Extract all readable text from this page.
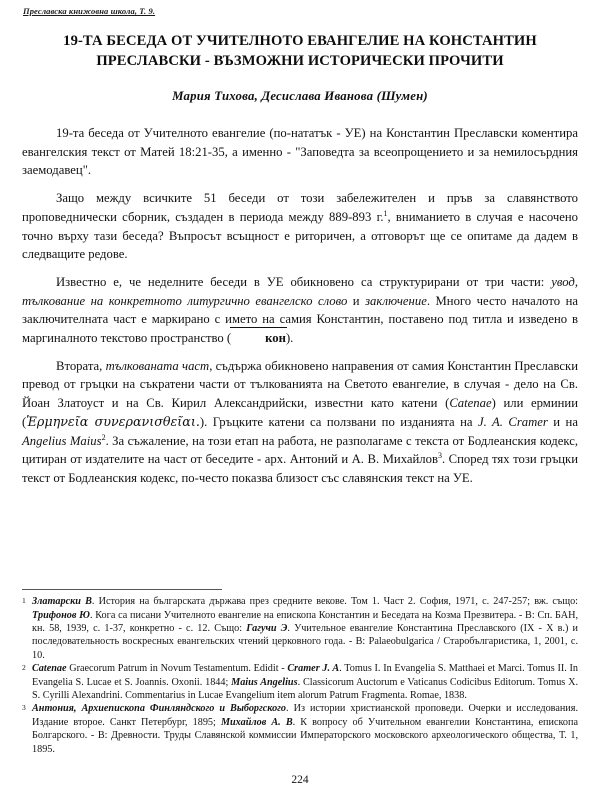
Преславска книжовна школа, Т. 9.
19-ТА БЕСЕДА ОТ УЧИТЕЛНОТО ЕВАНГЕЛИЕ НА КОНСТАНТИН ПРЕСЛАВСКИ - ВЪЗМОЖНИ ИСТОРИЧЕСКИ ПРОЧИТИ
Мария Тихова, Десислава Иванова (Шумен)

19-та беседа от Учителното евангелие (по-нататък - УЕ) на Константин Преславски коментира евангелския текст от Матей 18:21-35, а именно - "Заповедта за всеопрощението и за немилосърдния заемодавец".

Защо между всичките 51 беседи от този забележителен и пръв за славянството проповеднически сборник, създаден в периода между 889-893 г.$^1$, вниманието в случая е насочено точно върху тази беседа? Въпросът всъщност е риторичен, а отговорът ще се опитаме да дадем в следващите редове.

Известно е, че неделните беседи в УЕ обикновено са структурирани от три части: увод, тълкование на конкретното литургично евангелско слово и заключение. Много често началото на заключителната част е маркирано с името на самия Константин, поставено под титла и изведено в маргиналното текстово пространство (	кон).

Втората, тълкованата част, съдържа обикновено направения от самия Константин Преславски превод от гръцки на съкратени части от тълкованията на Светото евангелие, в случая - дело на Св. Йоан Златоуст и на Св. Кирил Александрийски, известни като катени (Catenae) или ерминии (Ἑρμηνεῖα συνερανισθεῖαι.). Гръцките катени са ползвани по изданията на J. A. Cramer и на Angelius Maius$^2$. За съжаление, на този етап на работа, не разполагаме с текста от Бодлеанския кодекс, цитиран от издателите на част от беседите - арх. Антоний и А. В. Михайлов$^3$. Според тях този гръцки текст от Бодлеанския кодекс, по-често показва близост със славянския текст на УЕ.

1 Златарски В. История на българската държава през средните векове. Том 1. Част 2. София, 1971, с. 247-257; вж. също: Трифонов Ю. Кога са писани Учителното евангелие на епископа Константин и Беседата на Козма Презвитера. - В: Сп. БАН, кн. 58, 1939, с. 1-37, конкретно - с. 12. Също: Гагучи Э. Учительное евангелие Константина Преславского (IX - X в.) и последовательность воскресных евангельских чтений церковного года. - В: Palaeobulgarica / Старобългаристика, 1, 2001, с. 10.

2 Catenae Graecorum Patrum in Novum Testamentum. Edidit - Cramer J. A. Tomus I. In Evangelia S. Matthaei et Marci. Tomus II. In Evangelia S. Lucae et S. Joannis. Oxonii. 1844; Maius Angelius. Classicorum Auctorum e Vaticanus Codicibus Editorum. Tomus X. S. Cyrilli Alexandrini. Commentarius in Lucae Evangelium item alorum Patrum Fragmenta. Romae, 1838.

3 Антония, Архиепископа Финляндского и Выборгского. Из истории христианской проповеди. Очерки и исследования. Издание второе. Санкт Петербург, 1895; Михайлов А. В. К вопросу об Учительном евангелии Константина, епископа Болгарского. - В: Древности. Труды Славянской коммиссии Императорского московского археологического общества, Т. 1, 1895.

224
